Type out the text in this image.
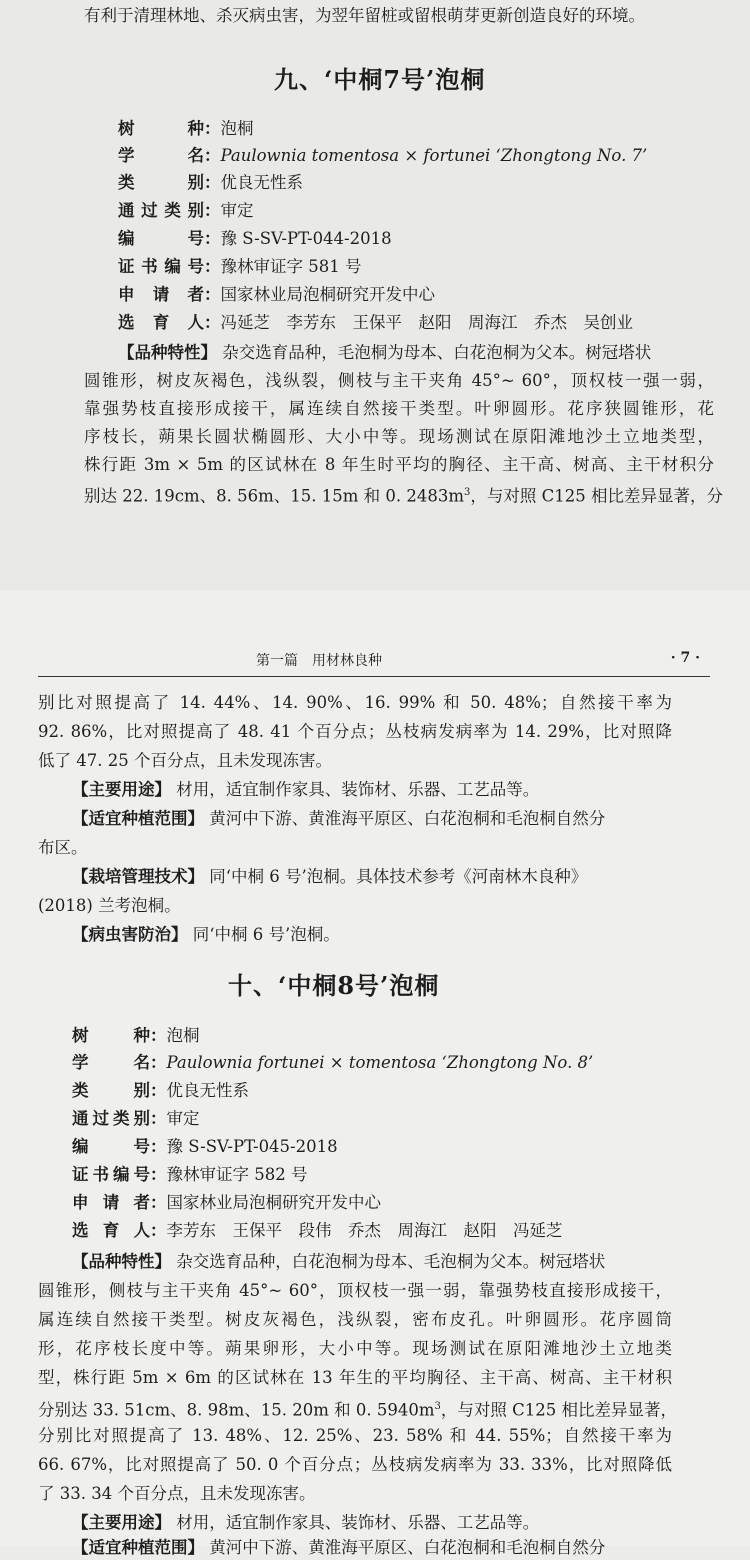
有利于清理林地、杀灭病虫害，为翌年留桩或留根萌芽更新创造良好的环境。
九、‘中桐7号’泡桐
树 种：泡桐
学 名：Paulownia tomentosa × fortunei ‘Zhongtong No. 7’
类 别：优良无性系
通过类别：审定
编 号：豫 S-SV-PT-044-2018
证书编号：豫林审证字 581 号
申 请 者：国家林业局泡桐研究开发中心
选 育 人：冯延芝　李芳东　王保平　赵阳　周海江　乔杰　吴创业
【品种特性】 杂交选育品种，毛泡桐为母本、白花泡桐为父本。树冠塔状
圆锥形，树皮灰褐色，浅纵裂，侧枝与主干夹角 45°~ 60°，顶权枝一强一弱，
靠强势枝直接形成接干，属连续自然接干类型。叶卵圆形。花序狭圆锥形，花
序枝长，蒴果长圆状椭圆形、大小中等。现场测试在原阳滩地沙土立地类型，
株行距 3m × 5m 的区试林在 8 年生时平均的胸径、主干高、树高、主干材积分
别达 22. 19cm、8. 56m、15. 15m 和 0. $2483m^3$，与对照 C125 相比差异显著，分
第一篇　用材林良种	· 7 ·
别比对照提高了 14. 44%、14. 90%、16. 99% 和 50. 48%；自然接干率为
92. 86%，比对照提高了 48. 41 个百分点；丛枝病发病率为 14. 29%，比对照降
低了 47. 25 个百分点，且未发现冻害。
【主要用途】 材用，适宜制作家具、装饰材、乐器、工艺品等。
【适宜种植范围】 黄河中下游、黄淮海平原区、白花泡桐和毛泡桐自然分
布区。
【栽培管理技术】 同‘中桐 6 号’泡桐。具体技术参考《河南林木良种》
(2018) 兰考泡桐。
【病虫害防治】 同‘中桐 6 号’泡桐。
十、‘中桐8号’泡桐
树 种：泡桐
学 名：Paulownia fortunei × tomentosa ‘Zhongtong No. 8’
类 别：优良无性系
通过类别：审定
编 号：豫 S-SV-PT-045-2018
证书编号：豫林审证字 582 号
申 请 者：国家林业局泡桐研究开发中心
选 育 人：李芳东　王保平　段伟　乔杰　周海江　赵阳　冯延芝
【品种特性】 杂交选育品种，白花泡桐为母本、毛泡桐为父本。树冠塔状
圆锥形，侧枝与主干夹角 45°~ 60°，顶权枝一强一弱，靠强势枝直接形成接干，
属连续自然接干类型。树皮灰褐色，浅纵裂，密布皮孔。叶卵圆形。花序圆筒
形，花序枝长度中等。蒴果卵形，大小中等。现场测试在原阳滩地沙土立地类
型，株行距 5m × 6m 的区试林在 13 年生的平均胸径、主干高、树高、主干材积
分别达 33. 51cm、8. 98m、15. 20m 和 0. $5940m^3$，与对照 C125 相比差异显著，
分别比对照提高了 13. 48%、12. 25%、23. 58% 和 44. 55%；自然接干率为
66. 67%，比对照提高了 50. 0 个百分点；丛枝病发病率为 33. 33%，比对照降低
了 33. 34 个百分点，且未发现冻害。
【主要用途】 材用，适宜制作家具、装饰材、乐器、工艺品等。
【适宜种植范围】 黄河中下游、黄淮海平原区、白花泡桐和毛泡桐自然分
